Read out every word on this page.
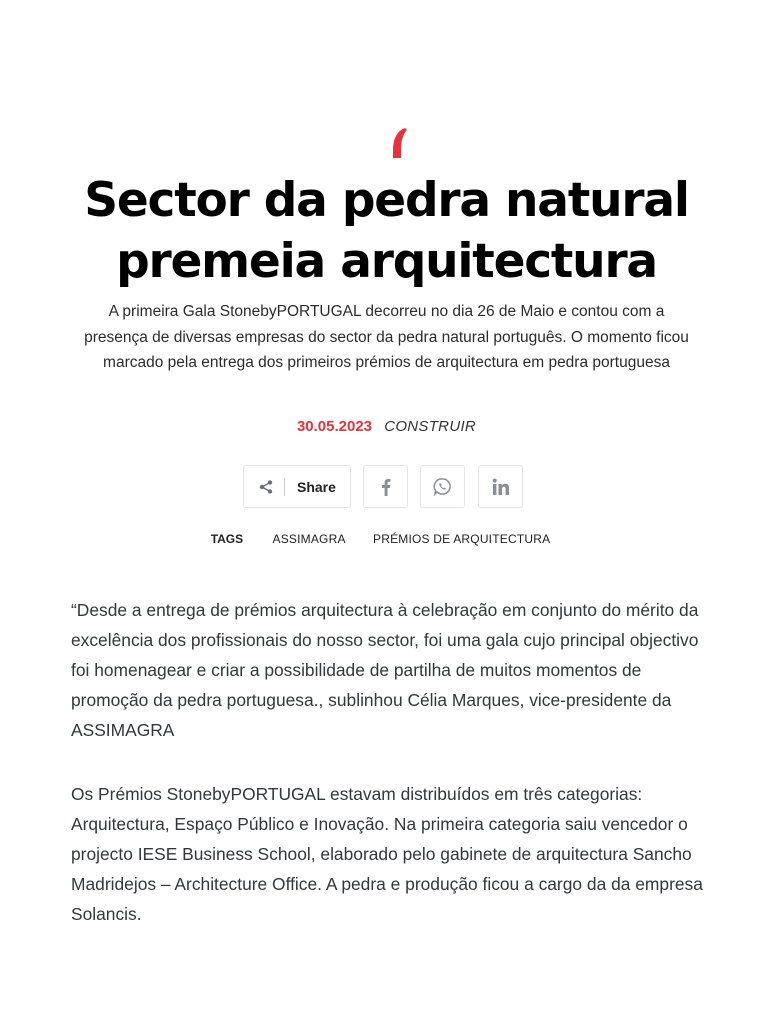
Sector da pedra natural
premeia arquitectura

A primeira Gala StonebyPORTUGAL decorreu no dia 26 de Maio e contou com a presença de diversas empresas do sector da pedra natural português. O momento ficou marcado pela entrega dos primeiros prémios de arquitectura em pedra portuguesa

30.05.2023 CONSTRUIR
Share
TAGS ASSIMAGRA PRÉMIOS DE ARQUITECTURA

“Desde a entrega de prémios arquitectura à celebração em conjunto do mérito da excelência dos profissionais do nosso sector, foi uma gala cujo principal objectivo foi homenagear e criar a possibilidade de partilha de muitos momentos de promoção da pedra portuguesa., sublinhou Célia Marques, vice-presidente da ASSIMAGRA

Os Prémios StonebyPORTUGAL estavam distribuídos em três categorias: Arquitectura, Espaço Público e Inovação. Na primeira categoria saiu vencedor o projecto IESE Business School, elaborado pelo gabinete de arquitectura Sancho Madridejos – Architecture Office. A pedra e produção ficou a cargo da da empresa Solancis.
